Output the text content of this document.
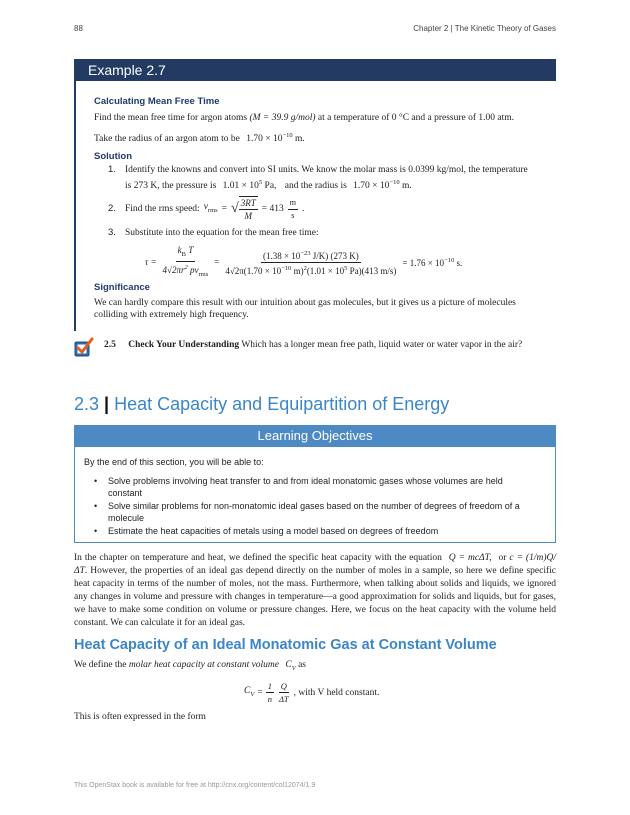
88	Chapter 2 | The Kinetic Theory of Gases
Example 2.7
Calculating Mean Free Time
Find the mean free time for argon atoms (M = 39.9 g/mol) at a temperature of 0 °C and a pressure of 1.00 atm.
Take the radius of an argon atom to be $1.70 \times 10^{-10}$ m.
Solution
1. Identify the knowns and convert into SI units. We know the molar mass is 0.0399 kg/mol, the temperature
is 273 K, the pressure is $1.01 \times 10^5$ Pa, and the radius is $1.70 \times 10^{-10}$ m.
2. Find the rms speed: $v_{rms}$ = √ $\frac{3RT}{M} = 413 \frac{m}{s}$ .
3. Substitute into the equation for the mean free time:
$\tau = \frac{k_B T}{4√2\pi r^2 pv_{rms}} = \frac{(1.38 \times 10^{-23} J/K) (273 K)}{4√2\pi(1.70 \times 10^{-10} m)^2(1.01 \times 10^5 Pa)(413 m/s)} = 1.76 \times 10^{-10}$ s.
Significance
We can hardly compare this result with our intuition about gas molecules, but it gives us a picture of molecules colliding with extremely high frequency.
2.5 Check Your Understanding Which has a longer mean free path, liquid water or water vapor in the air?
2.3 | Heat Capacity and Equipartition of Energy
Learning Objectives
By the end of this section, you will be able to:
•	Solve problems involving heat transfer to and from ideal monatomic gases whose volumes are held constant
•	Solve similar problems for non-monatomic ideal gases based on the number of degrees of freedom of a molecule
•	Estimate the heat capacities of metals using a model based on degrees of freedom
In the chapter on temperature and heat, we defined the specific heat capacity with the equation Q = mcΔT, or c = (1/m)Q/ΔT. However, the properties of an ideal gas depend directly on the number of moles in a sample, so here we define specific heat capacity in terms of the number of moles, not the mass. Furthermore, when talking about solids and liquids, we ignored any changes in volume and pressure with changes in temperature—a good approximation for solids and liquids, but for gases, we have to make some condition on volume or pressure changes. Here, we focus on the heat capacity with the volume held constant. We can calculate it for an ideal gas.
Heat Capacity of an Ideal Monatomic Gas at Constant Volume
We define the molar heat capacity at constant volume $C_V$ as
$C_V = \frac{1}{n} \frac{Q}{\Delta T}$ , with V held constant.
This is often expressed in the form
This OpenStax book is available for free at http://cnx.org/content/col12074/1.9
